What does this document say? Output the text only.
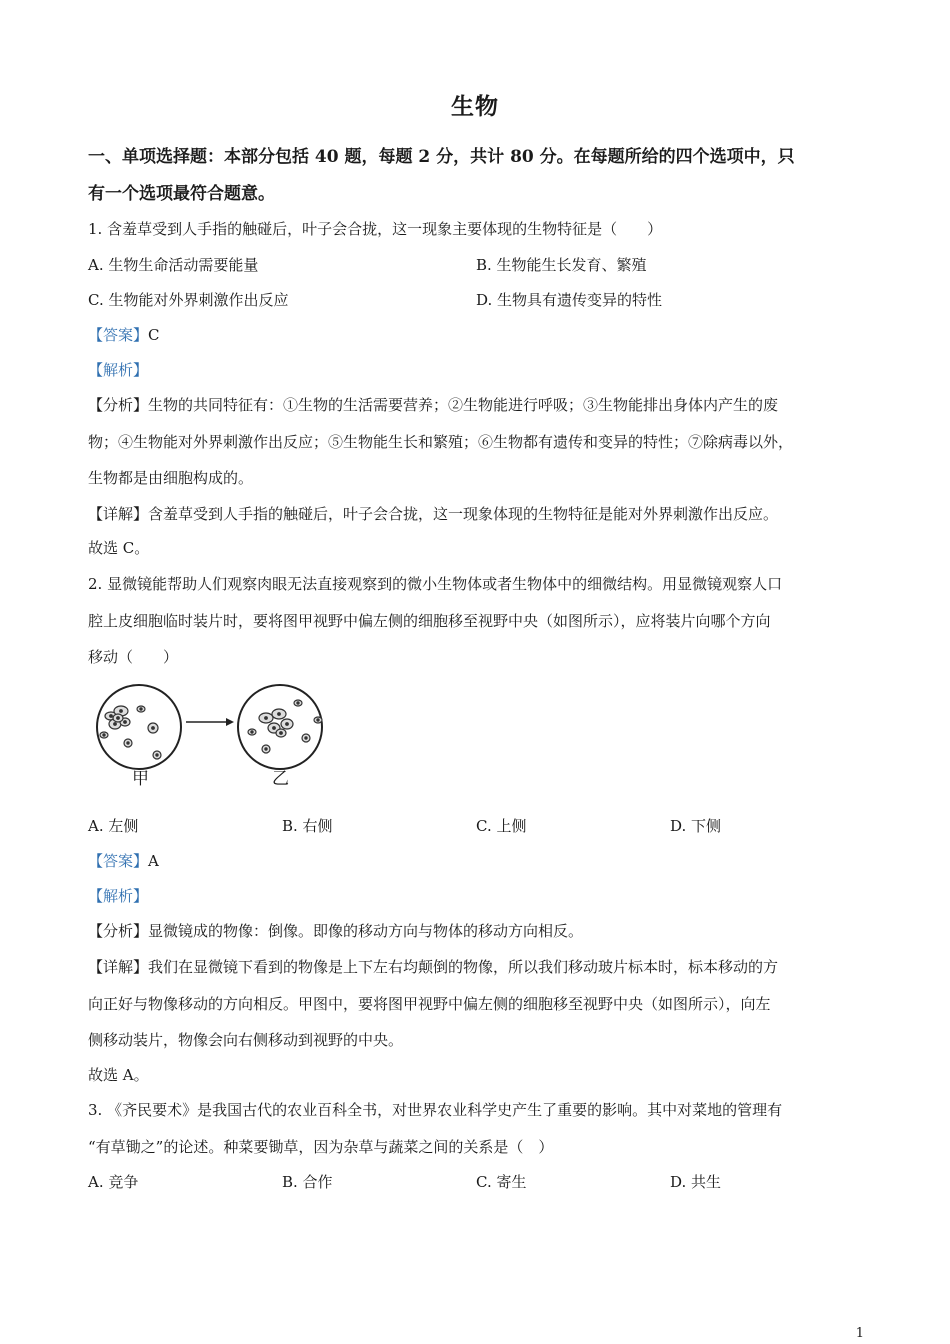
生物
一、单项选择题：本部分包括 40 题，每题 2 分，共计 80 分。在每题所给的四个选项中，只
有一个选项最符合题意。
1. 含羞草受到人手指的触碰后，叶子会合拢，这一现象主要体现的生物特征是（　　）
A. 生物生命活动需要能量	B. 生物能生长发育、繁殖
C. 生物能对外界刺激作出反应	D. 生物具有遗传变异的特性
【答案】C
【解析】
【分析】生物的共同特征有：①生物的生活需要营养；②生物能进行呼吸；③生物能排出身体内产生的废
物；④生物能对外界刺激作出反应；⑤生物能生长和繁殖；⑥生物都有遗传和变异的特性；⑦除病毒以外，
生物都是由细胞构成的。
【详解】含羞草受到人手指的触碰后，叶子会合拢，这一现象体现的生物特征是能对外界刺激作出反应。
故选 C。
2. 显微镜能帮助人们观察肉眼无法直接观察到的微小生物体或者生物体中的细微结构。用显微镜观察人口
腔上皮细胞临时装片时，要将图甲视野中偏左侧的细胞移至视野中央（如图所示），应将装片向哪个方向
移动（　　）
甲	乙
A. 左侧	B. 右侧	C. 上侧	D. 下侧
【答案】A
【解析】
【分析】显微镜成的物像：倒像。即像的移动方向与物体的移动方向相反。
【详解】我们在显微镜下看到的物像是上下左右均颠倒的物像，所以我们移动玻片标本时，标本移动的方
向正好与物像移动的方向相反。甲图中，要将图甲视野中偏左侧的细胞移至视野中央（如图所示），向左
侧移动装片，物像会向右侧移动到视野的中央。
故选 A。
3. 《齐民要术》是我国古代的农业百科全书，对世界农业科学史产生了重要的影响。其中对菜地的管理有
“有草锄之”的论述。种菜要锄草，因为杂草与蔬菜之间的关系是（　）
A. 竞争	B. 合作	C. 寄生	D. 共生
1
